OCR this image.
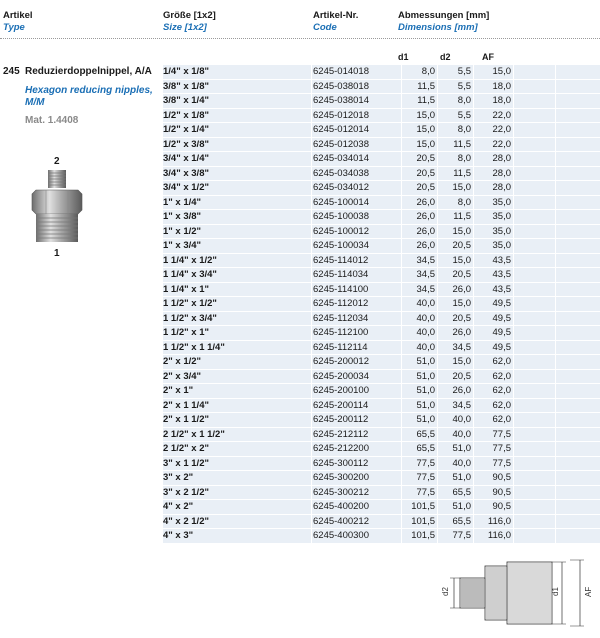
Artikel
Type
Größe [1x2]
Size [1x2]
Artikel-Nr.
Code
Abmessungen [mm]
Dimensions [mm]
d1	d2	AF
245 Reduzierdoppelnippel, A/A
Hexagon reducing nipples, M/M
Mat. 1.4408
2
1
1/4" x 1/8"	6245-014018	8,0	5,5	15,0
3/8" x 1/8"	6245-038018	11,5	5,5	18,0
3/8" x 1/4"	6245-038014	11,5	8,0	18,0
1/2" x 1/8"	6245-012018	15,0	5,5	22,0
1/2" x 1/4"	6245-012014	15,0	8,0	22,0
1/2" x 3/8"	6245-012038	15,0	11,5	22,0
3/4" x 1/4"	6245-034014	20,5	8,0	28,0
3/4" x 3/8"	6245-034038	20,5	11,5	28,0
3/4" x 1/2"	6245-034012	20,5	15,0	28,0
1" x 1/4"	6245-100014	26,0	8,0	35,0
1" x 3/8"	6245-100038	26,0	11,5	35,0
1" x 1/2"	6245-100012	26,0	15,0	35,0
1" x 3/4"	6245-100034	26,0	20,5	35,0
1 1/4" x 1/2"	6245-114012	34,5	15,0	43,5
1 1/4" x 3/4"	6245-114034	34,5	20,5	43,5
1 1/4" x 1"	6245-114100	34,5	26,0	43,5
1 1/2" x 1/2"	6245-112012	40,0	15,0	49,5
1 1/2" x 3/4"	6245-112034	40,0	20,5	49,5
1 1/2" x 1"	6245-112100	40,0	26,0	49,5
1 1/2" x 1 1/4"	6245-112114	40,0	34,5	49,5
2" x 1/2"	6245-200012	51,0	15,0	62,0
2" x 3/4"	6245-200034	51,0	20,5	62,0
2" x 1"	6245-200100	51,0	26,0	62,0
2" x 1 1/4"	6245-200114	51,0	34,5	62,0
2" x 1 1/2"	6245-200112	51,0	40,0	62,0
2 1/2" x 1 1/2"	6245-212112	65,5	40,0	77,5
2 1/2" x 2"	6245-212200	65,5	51,0	77,5
3" x 1 1/2"	6245-300112	77,5	40,0	77,5
3" x 2"	6245-300200	77,5	51,0	90,5
3" x 2 1/2"	6245-300212	77,5	65,5	90,5
4" x 2"	6245-400200	101,5	51,0	90,5
4" x 2 1/2"	6245-400212	101,5	65,5	116,0
4" x 3"	6245-400300	101,5	77,5	116,0
d2	d1	AF
